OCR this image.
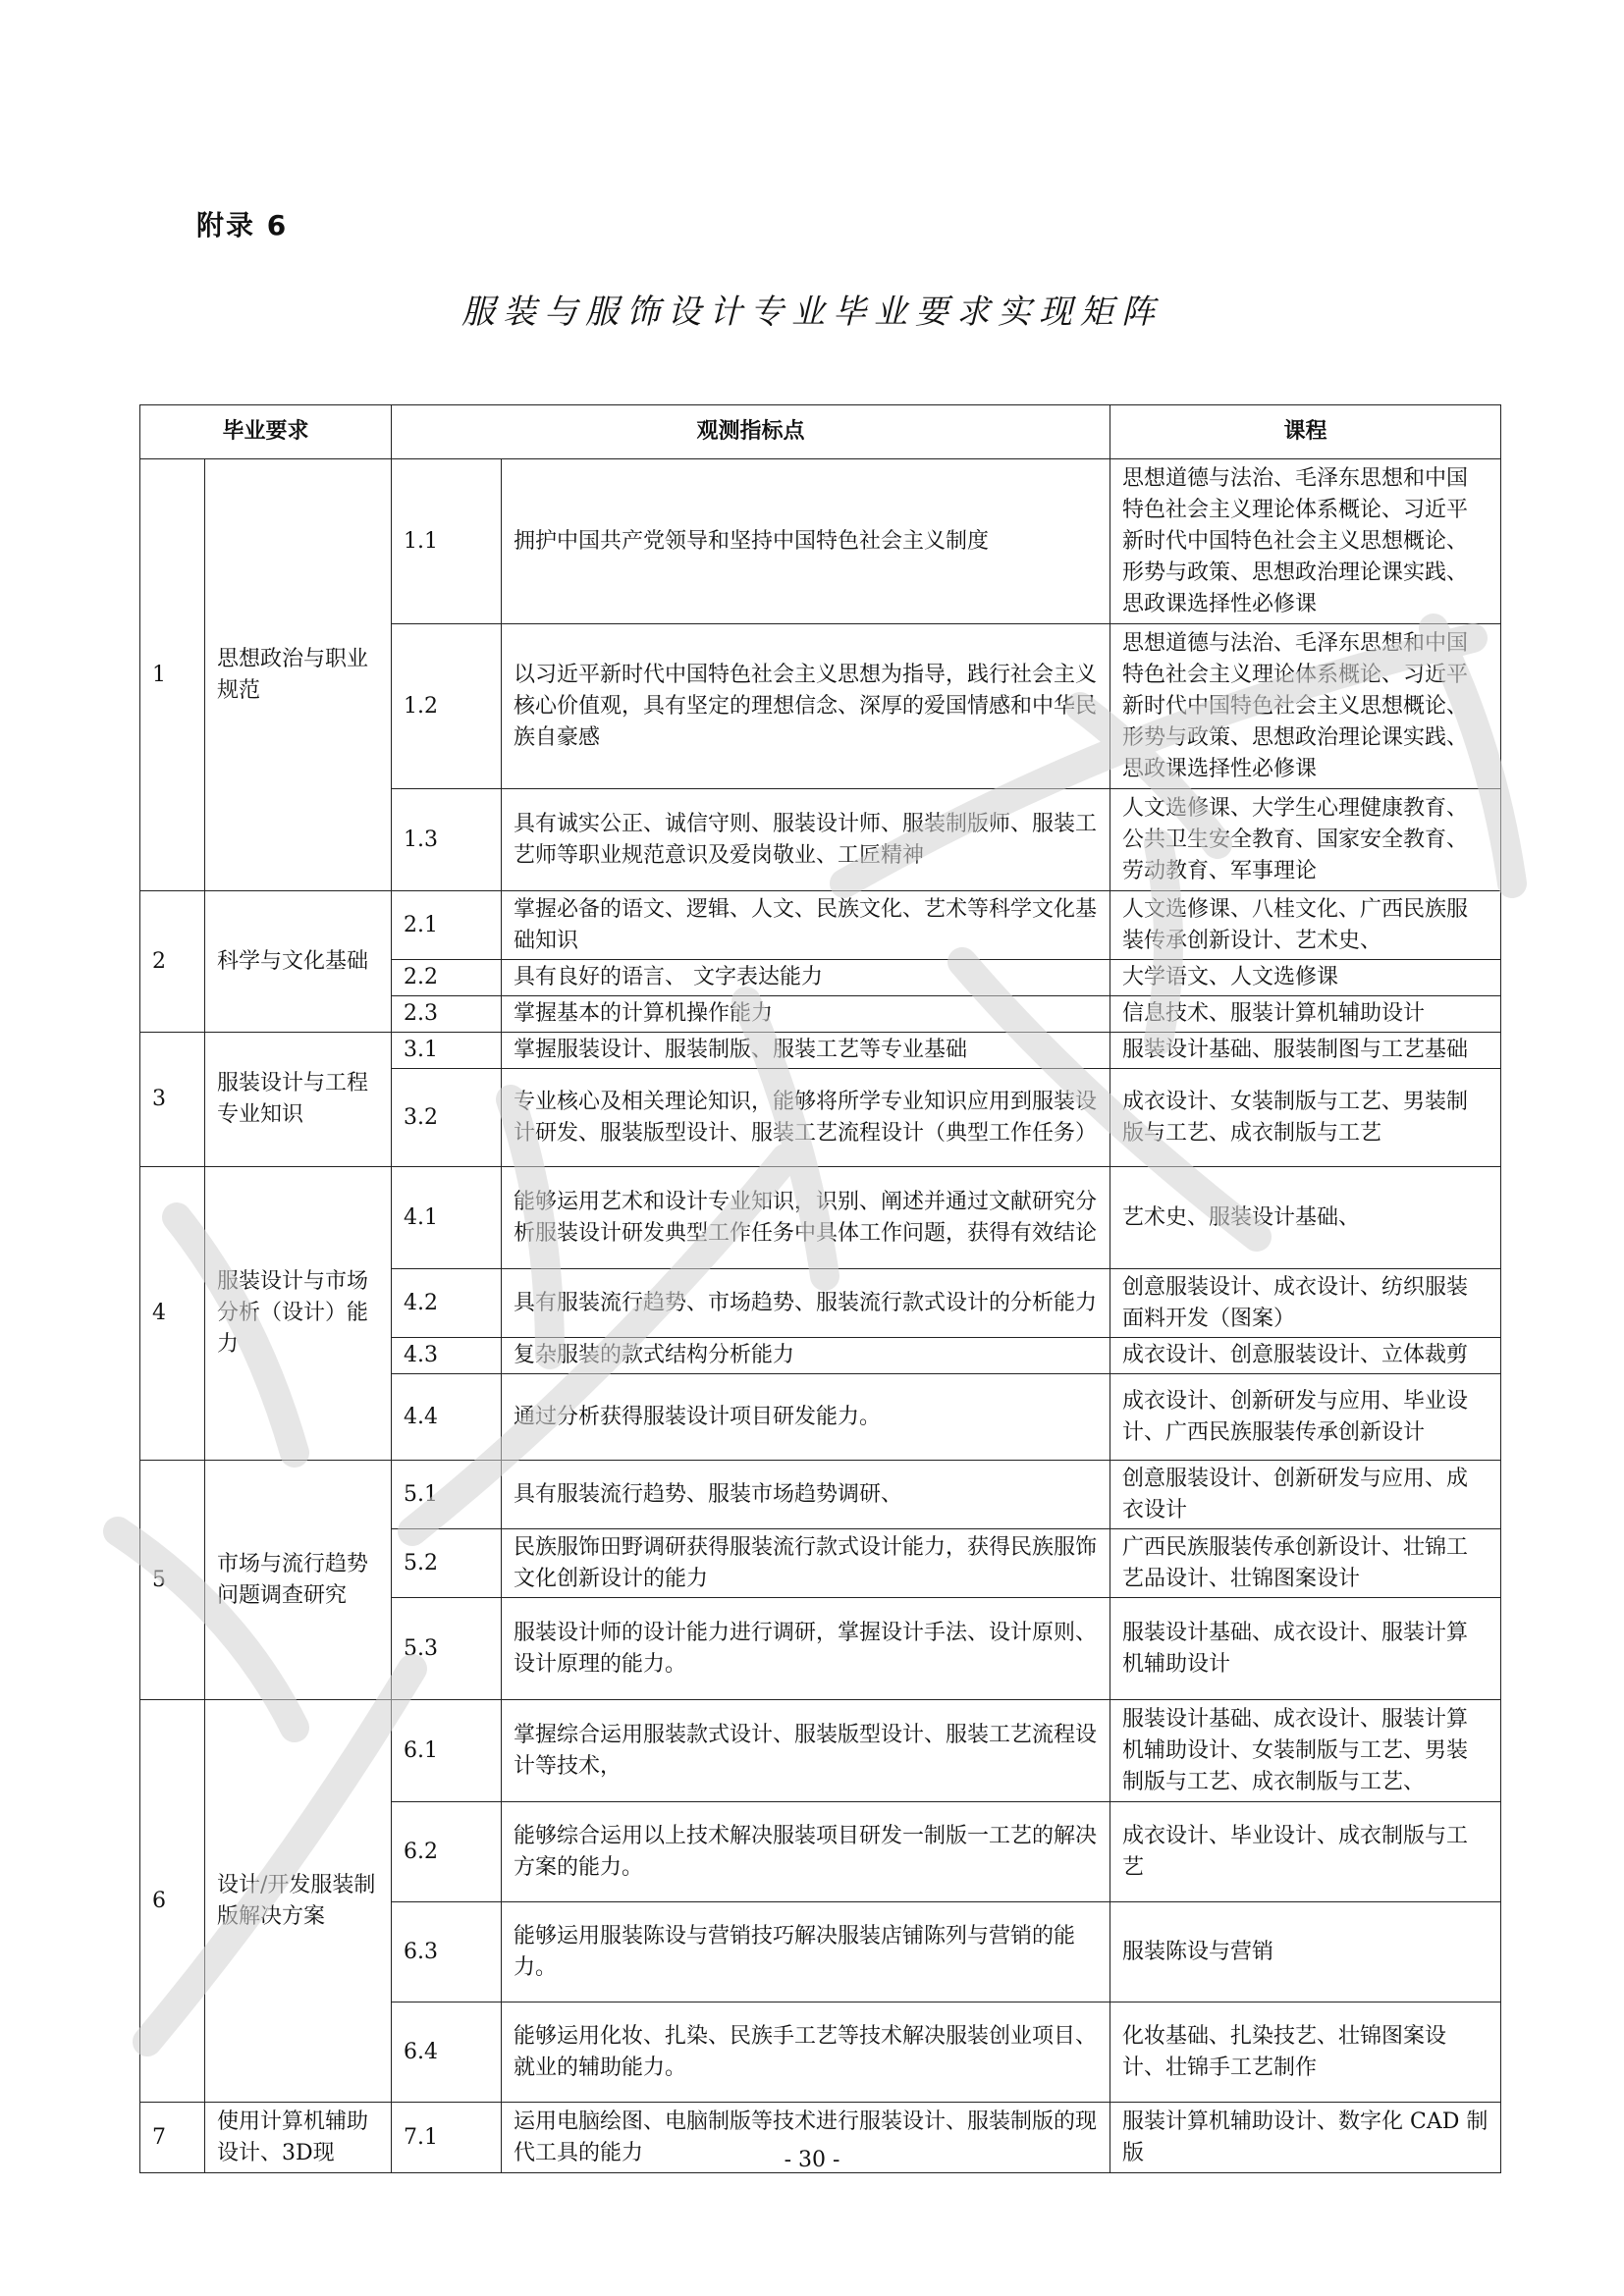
附录 6
服装与服饰设计专业毕业要求实现矩阵
毕业要求		观测指标点		课程
1	思想政治与职业规范	1.1	拥护中国共产党领导和坚持中国特色社会主义制度	思想道德与法治、毛泽东思想和中国特色社会主义理论体系概论、习近平新时代中国特色社会主义思想概论、形势与政策、思想政治理论课实践、思政课选择性必修课
		1.2	以习近平新时代中国特色社会主义思想为指导，践行社会主义核心价值观，具有坚定的理想信念、深厚的爱国情感和中华民族自豪感	思想道德与法治、毛泽东思想和中国特色社会主义理论体系概论、习近平新时代中国特色社会主义思想概论、形势与政策、思想政治理论课实践、思政课选择性必修课
		1.3	具有诚实公正、诚信守则、服装设计师、服装制版师、服装工艺师等职业规范意识及爱岗敬业、工匠精神	人文选修课、大学生心理健康教育、公共卫生安全教育、国家安全教育、劳动教育、军事理论
2	科学与文化基础	2.1	掌握必备的语文、逻辑、人文、民族文化、艺术等科学文化基础知识	人文选修课、八桂文化、广西民族服装传承创新设计、艺术史、
		2.2	具有良好的语言、 文字表达能力	大学语文、人文选修课
		2.3	掌握基本的计算机操作能力	信息技术、服装计算机辅助设计
3	服装设计与工程专业知识	3.1	掌握服装设计、服装制版、服装工艺等专业基础	服装设计基础、服装制图与工艺基础
		3.2	专业核心及相关理论知识，能够将所学专业知识应用到服装设计研发、服装版型设计、服装工艺流程设计（典型工作任务）	成衣设计、女装制版与工艺、男装制版与工艺、成衣制版与工艺
4	服装设计与市场分析（设计）能力	4.1	能够运用艺术和设计专业知识，识别、阐述并通过文献研究分析服装设计研发典型工作任务中具体工作问题，获得有效结论	艺术史、服装设计基础、
		4.2	具有服装流行趋势、市场趋势、服装流行款式设计的分析能力	创意服装设计、成衣设计、纺织服装面料开发（图案）
		4.3	复杂服装的款式结构分析能力	成衣设计、创意服装设计、立体裁剪
		4.4	通过分析获得服装设计项目研发能力。	成衣设计、创新研发与应用、毕业设计、广西民族服装传承创新设计
5	市场与流行趋势问题调查研究	5.1	具有服装流行趋势、服装市场趋势调研、	创意服装设计、创新研发与应用、成衣设计
		5.2	民族服饰田野调研获得服装流行款式设计能力，获得民族服饰文化创新设计的能力	广西民族服装传承创新设计、壮锦工艺品设计、壮锦图案设计
		5.3	服装设计师的设计能力进行调研，掌握设计手法、设计原则、设计原理的能力。	服装设计基础、成衣设计、服装计算机辅助设计
6	设计/开发服装制版解决方案	6.1	掌握综合运用服装款式设计、服装版型设计、服装工艺流程设计等技术，	服装设计基础、成衣设计、服装计算机辅助设计、女装制版与工艺、男装制版与工艺、成衣制版与工艺、
		6.2	能够综合运用以上技术解决服装项目研发一制版一工艺的解决方案的能力。	成衣设计、毕业设计、成衣制版与工艺
		6.3	能够运用服装陈设与营销技巧解决服装店铺陈列与营销的能力。	服装陈设与营销
		6.4	能够运用化妆、扎染、民族手工艺等技术解决服装创业项目、就业的辅助能力。	化妆基础、扎染技艺、壮锦图案设计、壮锦手工艺制作
7	使用计算机辅助设计、3D现	7.1	运用电脑绘图、电脑制版等技术进行服装设计、服装制版的现代工具的能力	服装计算机辅助设计、数字化 CAD 制版
- 30 -
